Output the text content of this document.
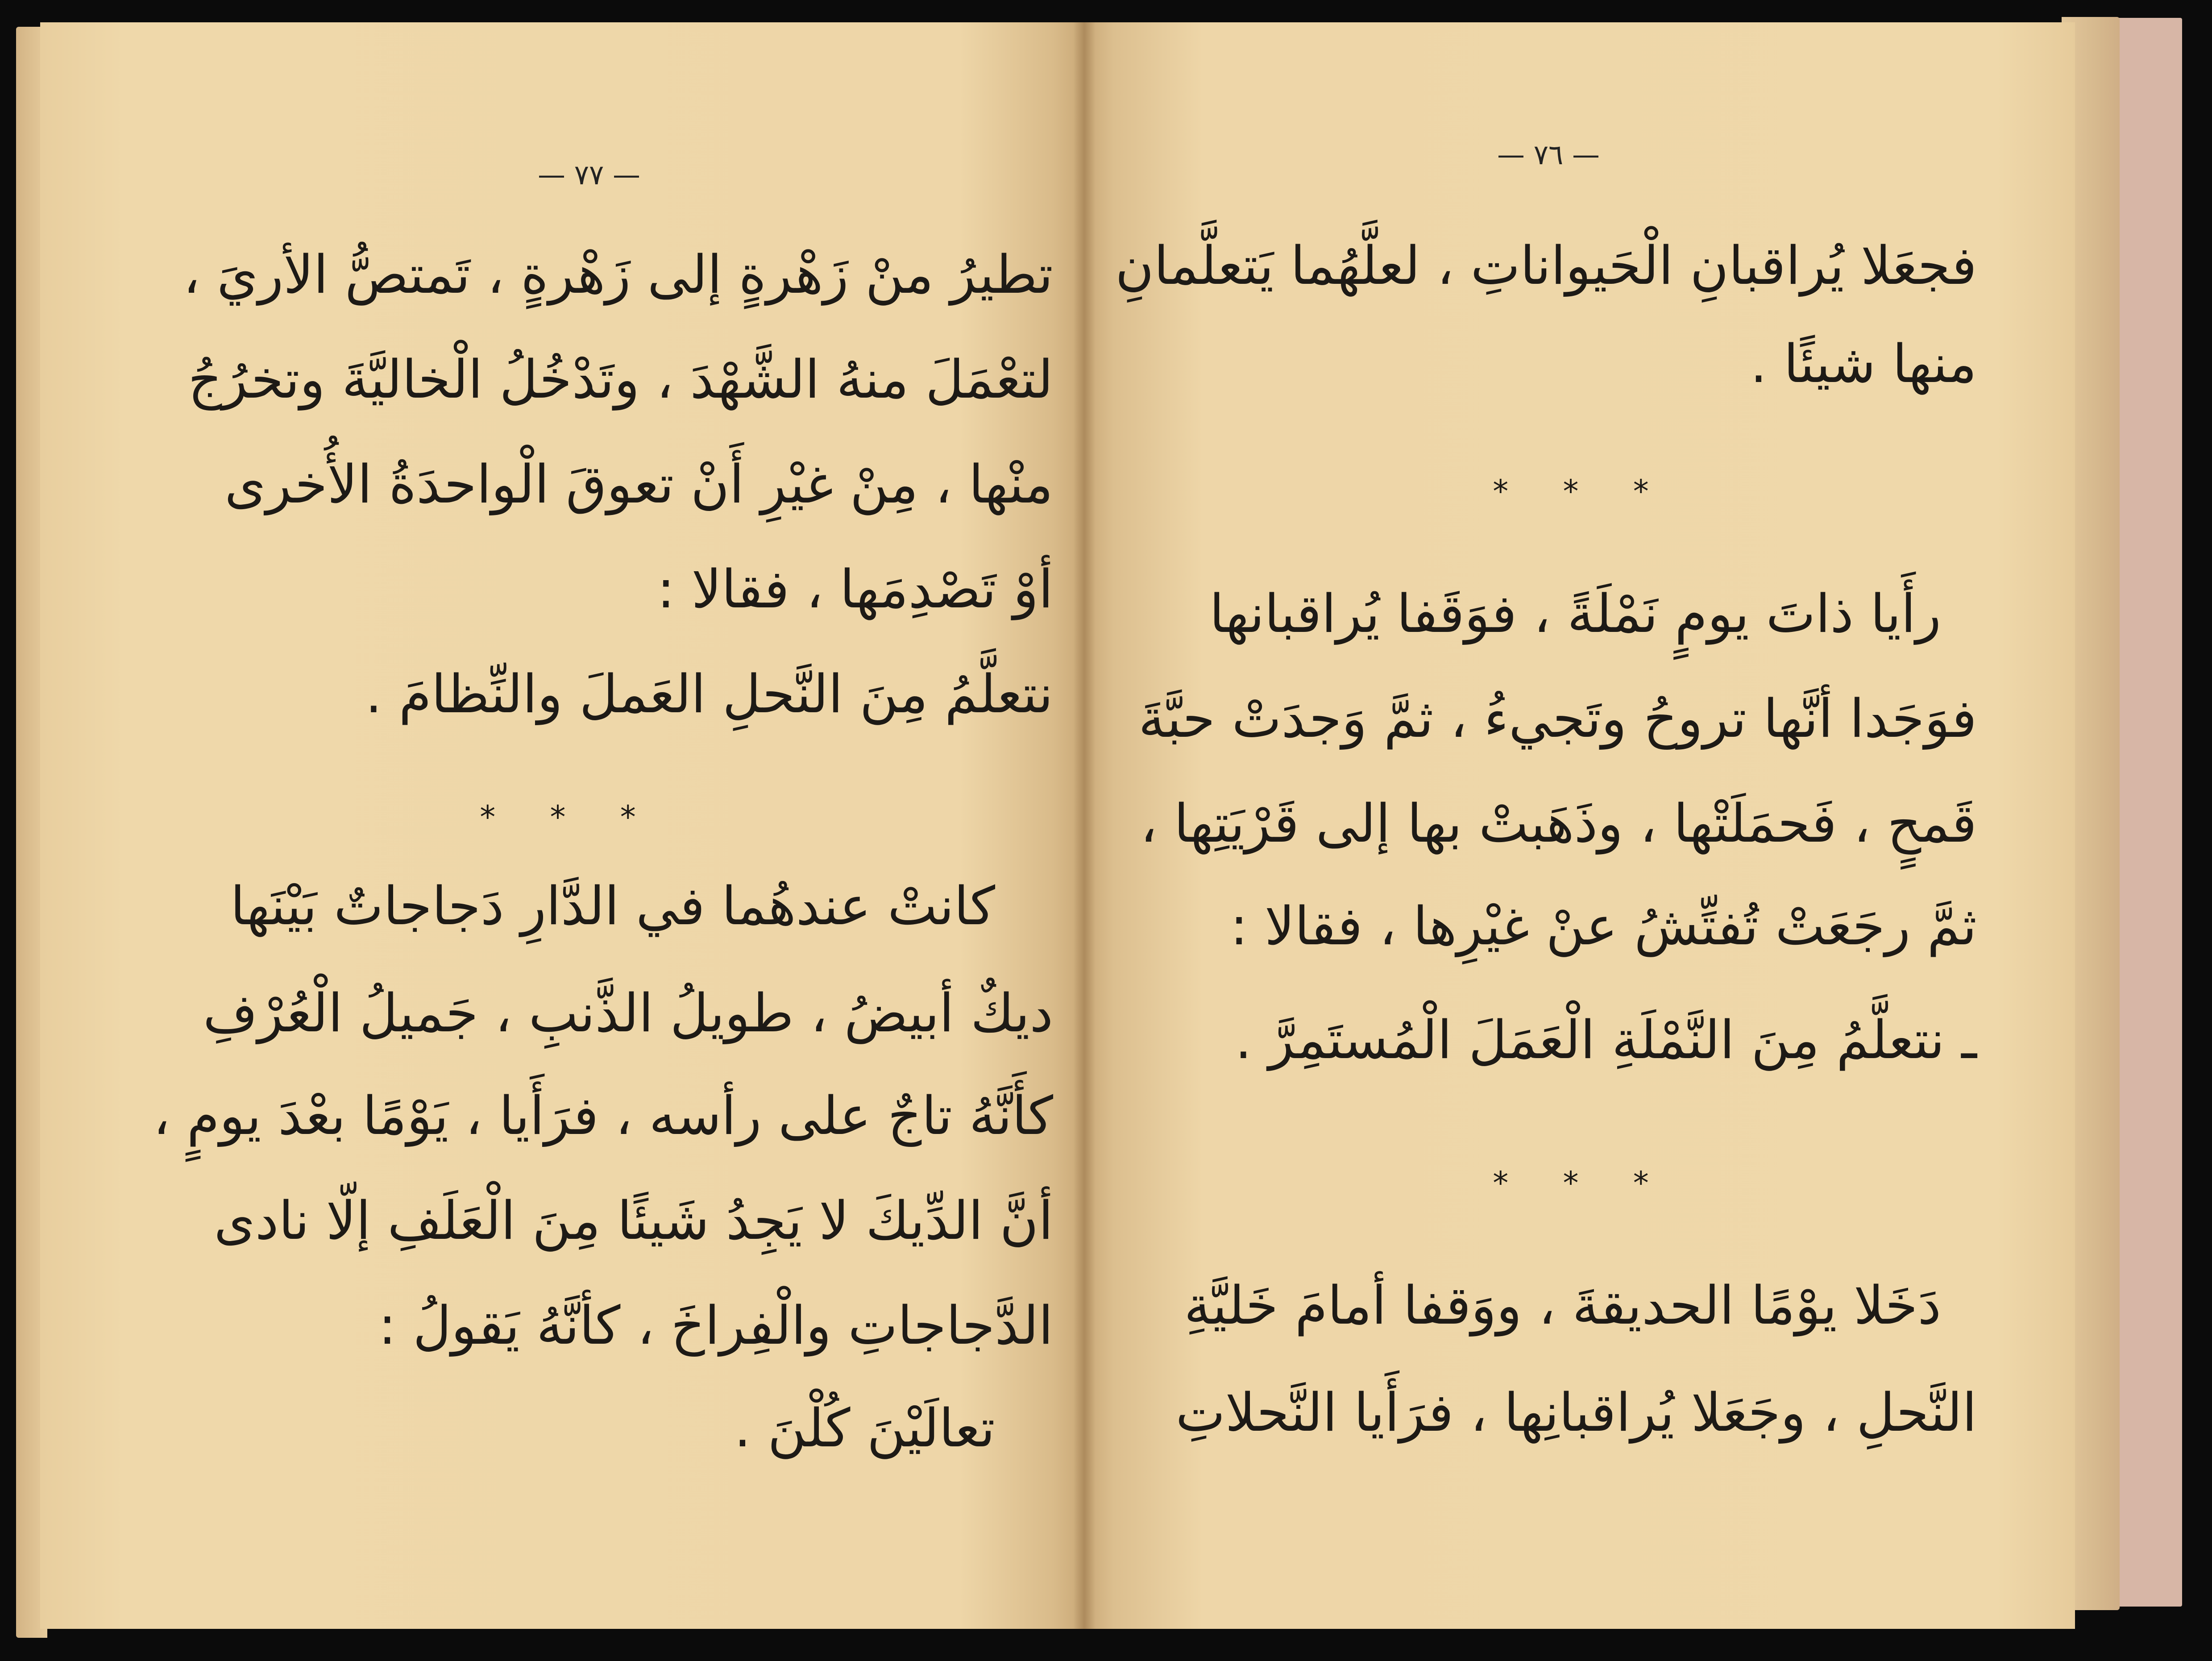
— ٧٧ —
تطيرُ منْ زَهْرةٍ إلى زَهْرةٍ ، تَمتصُّ الأريَ ،
لتعْمَلَ منهُ الشَّهْدَ ، وتَدْخُلُ الْخاليَّةَ وتخرُجُ
منْها ، مِنْ غيْرِ أَنْ تعوقَ الْواحدَةُ الأُخرى
أوْ تَصْدِمَها ، فقالا :
نتعلَّمُ مِنَ النَّحلِ العَملَ والنِّظامَ .
* * *
كانتْ عندهُما في الدَّارِ دَجاجاتٌ بَيْنَها
ديكٌ أبيضُ ، طويلُ الذَّنبِ ، جَميلُ الْعُرْفِ
كأَنَّهُ تاجٌ على رأسه ، فرَأَيا ، يَوْمًا بعْدَ يومٍ ،
أنَّ الدِّيكَ لا يَجِدُ شَيئًا مِنَ الْعَلَفِ إلّا نادى
الدَّجاجاتِ والْفِراخَ ، كأنَّهُ يَقولُ :
تعالَيْنَ كُلْنَ .
— ٧٦ —
فجعَلا يُراقبانِ الْحَيواناتِ ، لعلَّهُما يَتعلَّمانِ
منها شيئًا .
* * *
رأَيا ذاتَ يومٍ نَمْلَةً ، فوَقَفا يُراقبانها
فوَجَدا أنَّها تروحُ وتَجيءُ ، ثمَّ وَجدَتْ حبَّةَ
قَمحٍ ، فَحمَلَتْها ، وذَهَبتْ بها إلى قَرْيَتِها ،
ثمَّ رجَعَتْ تُفتِّشُ عنْ غيْرِها ، فقالا :
ـ نتعلَّمُ مِنَ النَّمْلَةِ الْعَمَلَ الْمُستَمِرَّ .
* * *
دَخَلا يوْمًا الحديقةَ ، ووَقفا أمامَ خَليَّةِ
النَّحلِ ، وجَعَلا يُراقبانِها ، فرَأَيا النَّحلاتِ
